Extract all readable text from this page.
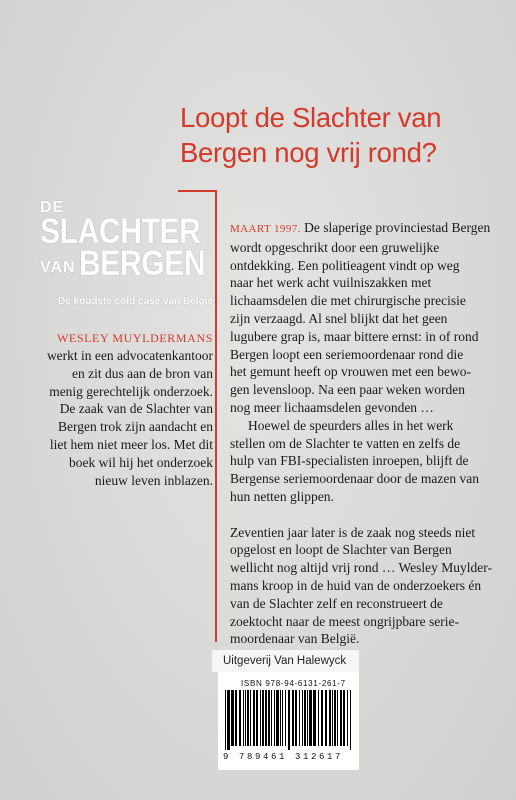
Loopt de Slachter van
Bergen nog vrij rond?
DE
SLACHTER
VAN BERGEN
De koudste cold case van België
WESLEY MUYLDERMANS
werkt in een advocatenkantoor
en zit dus aan de bron van
menig gerechtelijk onderzoek.
De zaak van de Slachter van
Bergen trok zijn aandacht en
liet hem niet meer los. Met dit
boek wil hij het onderzoek
nieuw leven inblazen.
MAART 1997. De slaperige provinciestad Bergen
wordt opgeschrikt door een gruwelijke
ontdekking. Een politieagent vindt op weg
naar het werk acht vuilniszakken met
lichaamsdelen die met chirurgische precisie
zijn verzaagd. Al snel blijkt dat het geen
lugubere grap is, maar bittere ernst: in of rond
Bergen loopt een seriemoordenaar rond die
het gemunt heeft op vrouwen met een bewo-
gen levensloop. Na een paar weken worden
nog meer lichaamsdelen gevonden …
Hoewel de speurders alles in het werk
stellen om de Slachter te vatten en zelfs de
hulp van FBI-specialisten inroepen, blijft de
Bergense seriemoordenaar door de mazen van
hun netten glippen.
Zeventien jaar later is de zaak nog steeds niet
opgelost en loopt de Slachter van Bergen
wellicht nog altijd vrij rond … Wesley Muylder-
mans kroop in de huid van de onderzoekers én
van de Slachter zelf en reconstrueert de
zoektocht naar de meest ongrijpbare serie-
moordenaar van België.
Uitgeverij Van Halewyck
ISBN 978-94-6131-261-7
9 789461 312617
